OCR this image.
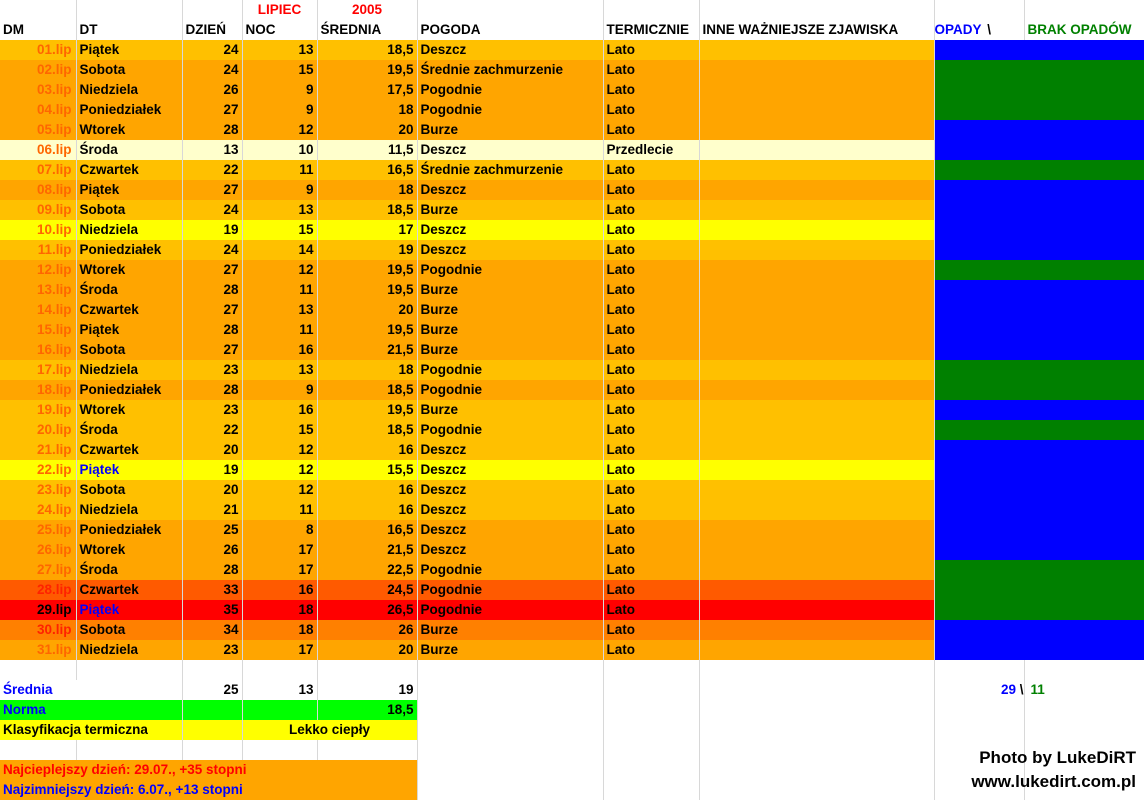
			LIPIEC	2005					
DM	DT	DZIEŃ	NOC	ŚREDNIA	POGODA	TERMICZNIE	INNE WAŻNIEJSZE ZJAWISKA	OPADY \	BRAK OPADÓW
01.lip	Piątek	24	13	18,5	Deszcz	Lato			
02.lip	Sobota	24	15	19,5	Średnie zachmurzenie	Lato			
03.lip	Niedziela	26	9	17,5	Pogodnie	Lato			
04.lip	Poniedziałek	27	9	18	Pogodnie	Lato			
05.lip	Wtorek	28	12	20	Burze	Lato			
06.lip	Środa	13	10	11,5	Deszcz	Przedlecie			
07.lip	Czwartek	22	11	16,5	Średnie zachmurzenie	Lato			
08.lip	Piątek	27	9	18	Deszcz	Lato			
09.lip	Sobota	24	13	18,5	Burze	Lato			
10.lip	Niedziela	19	15	17	Deszcz	Lato			
11.lip	Poniedziałek	24	14	19	Deszcz	Lato			
12.lip	Wtorek	27	12	19,5	Pogodnie	Lato			
13.lip	Środa	28	11	19,5	Burze	Lato			
14.lip	Czwartek	27	13	20	Burze	Lato			
15.lip	Piątek	28	11	19,5	Burze	Lato			
16.lip	Sobota	27	16	21,5	Burze	Lato			
17.lip	Niedziela	23	13	18	Pogodnie	Lato			
18.lip	Poniedziałek	28	9	18,5	Pogodnie	Lato			
19.lip	Wtorek	23	16	19,5	Burze	Lato			
20.lip	Środa	22	15	18,5	Pogodnie	Lato			
21.lip	Czwartek	20	12	16	Deszcz	Lato			
22.lip	Piątek	19	12	15,5	Deszcz	Lato			
23.lip	Sobota	20	12	16	Deszcz	Lato			
24.lip	Niedziela	21	11	16	Deszcz	Lato			
25.lip	Poniedziałek	25	8	16,5	Deszcz	Lato			
26.lip	Wtorek	26	17	21,5	Deszcz	Lato			
27.lip	Środa	28	17	22,5	Pogodnie	Lato			
28.lip	Czwartek	33	16	24,5	Pogodnie	Lato			
29.lip	Piątek	35	18	26,5	Pogodnie	Lato			
30.lip	Sobota	34	18	26	Burze	Lato			
31.lip	Niedziela	23	17	20	Burze	Lato			

Średnia		25	13	19				29 \	11
Norma				18,5					
Klasyfikacja termiczna			Lekko ciepły						

Najcieplejszy dzień: 29.07., +35 stopni									
Najzimniejszy dzień: 6.07., +13 stopni									
Photo by LukeDiRT
www.lukedirt.com.pl
